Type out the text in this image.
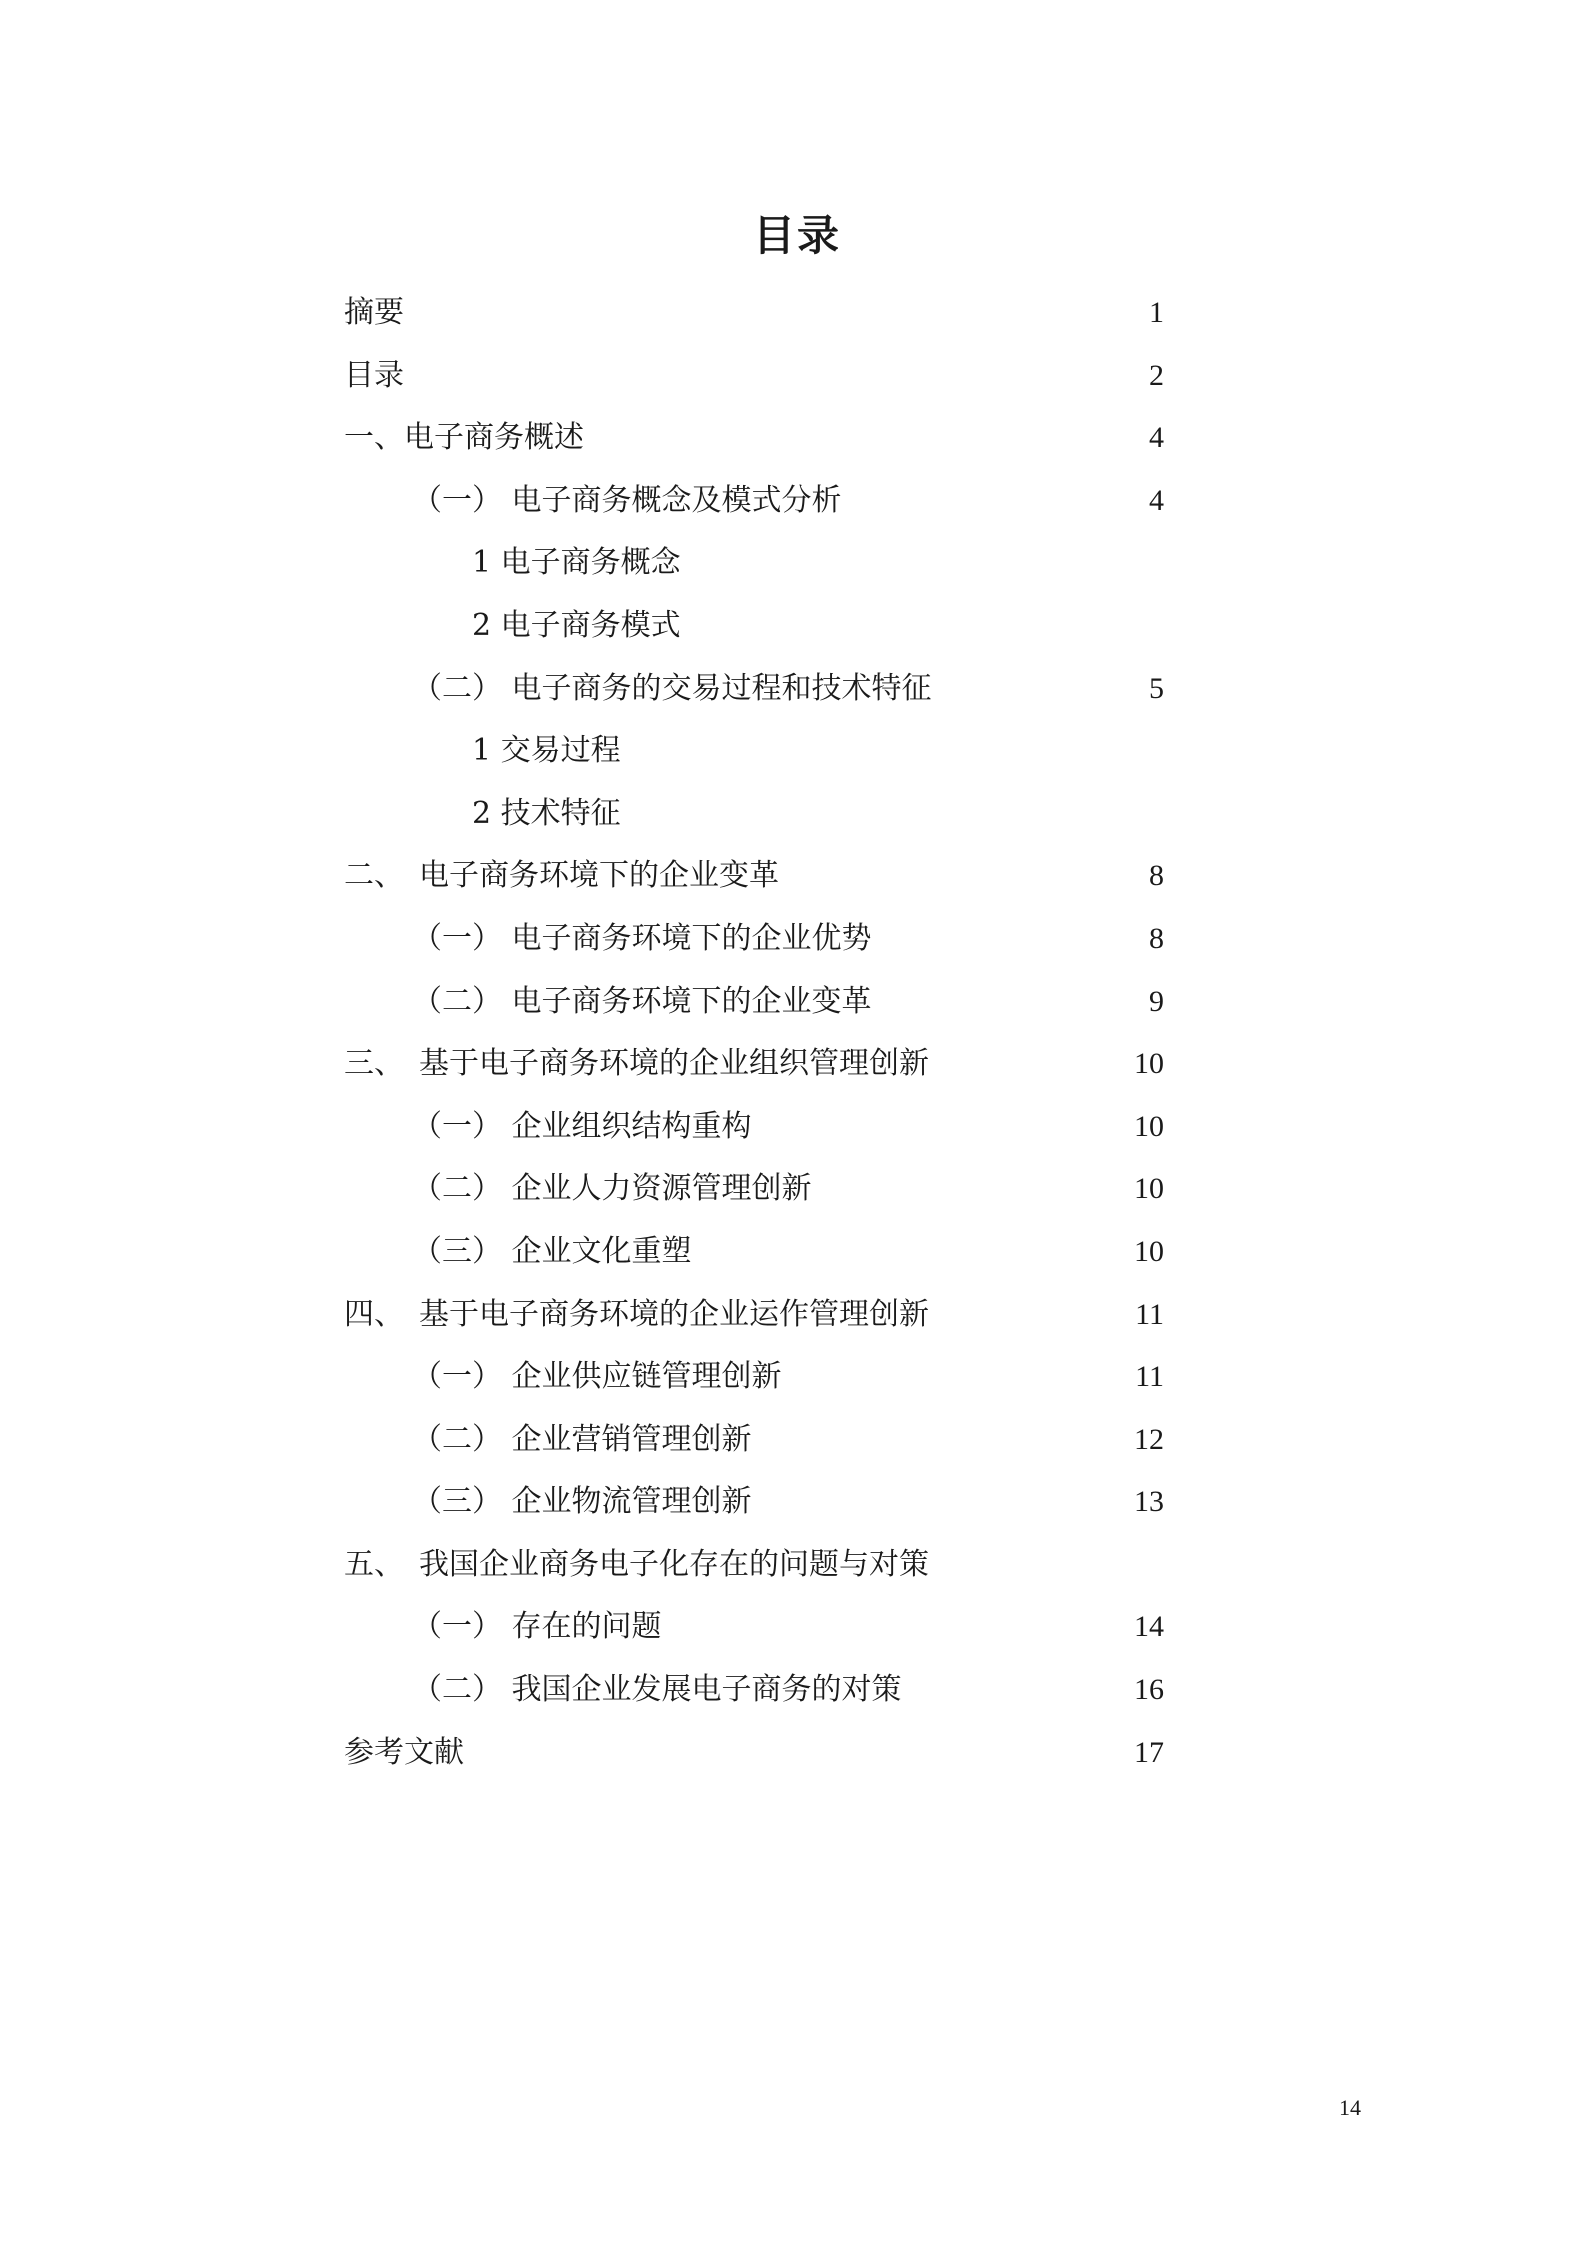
目录
摘要	1
目录	2
一、电子商务概述	4
（一） 电子商务概念及模式分析	4
1 电子商务概念
2 电子商务模式
（二） 电子商务的交易过程和技术特征	5
1 交易过程
2 技术特征
二、　电子商务环境下的企业变革	8
（一） 电子商务环境下的企业优势	8
（二） 电子商务环境下的企业变革	9
三、　基于电子商务环境的企业组织管理创新	10
（一） 企业组织结构重构	10
（二） 企业人力资源管理创新	10
（三） 企业文化重塑	10
四、　基于电子商务环境的企业运作管理创新	11
（一） 企业供应链管理创新	11
（二） 企业营销管理创新	12
（三） 企业物流管理创新	13
五、　我国企业商务电子化存在的问题与对策
（一） 存在的问题	14
（二） 我国企业发展电子商务的对策	16
参考文献	17
14
